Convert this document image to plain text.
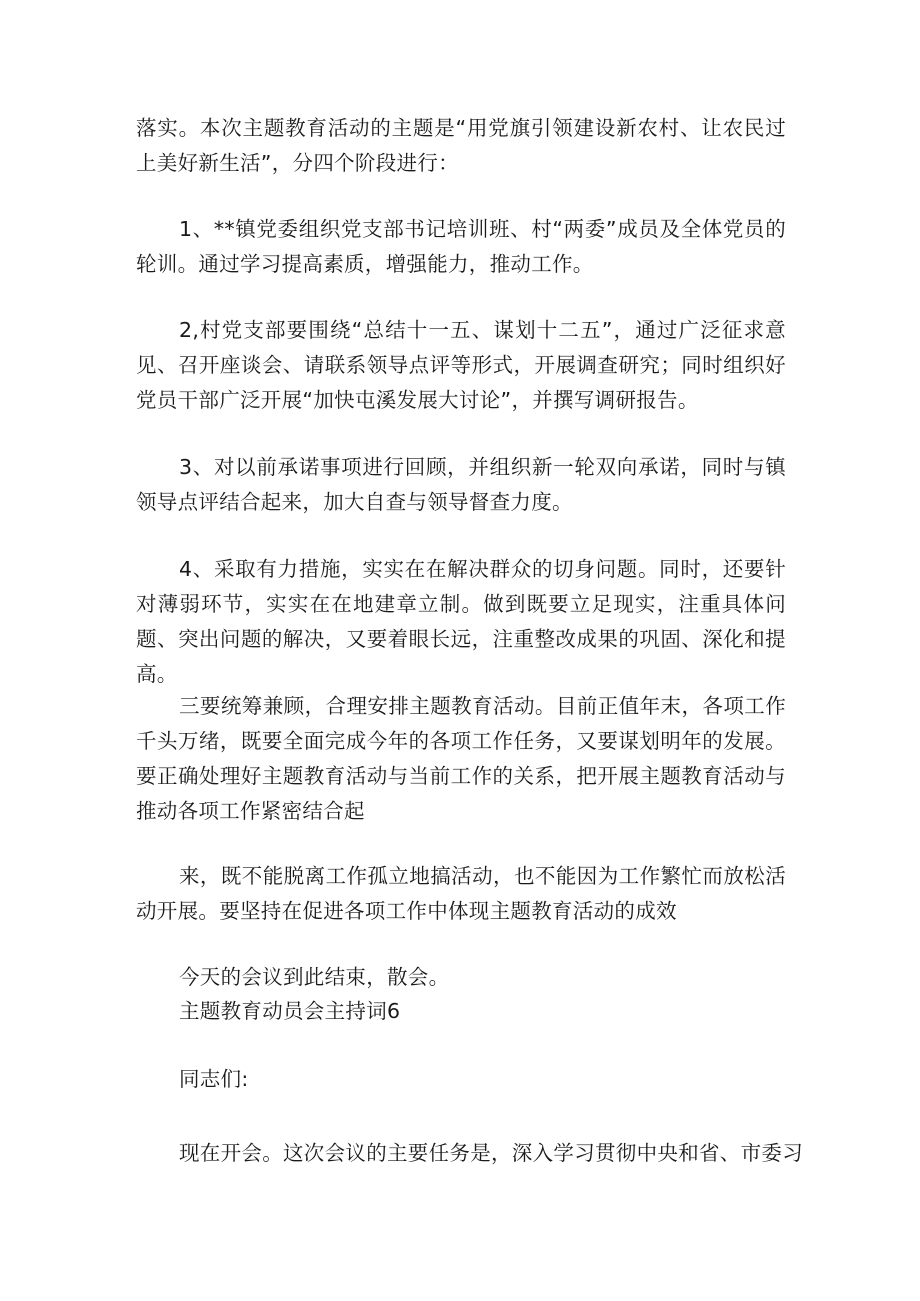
落实。本次主题教育活动的主题是“用党旗引领建设新农村、让农民过上美好新生活”，分四个阶段进行：

1、**镇党委组织党支部书记培训班、村“两委”成员及全体党员的轮训。通过学习提高素质，增强能力，推动工作。

2,村党支部要围绕“总结十一五、谋划十二五”，通过广泛征求意见、召开座谈会、请联系领导点评等形式，开展调查研究；同时组织好党员干部广泛开展“加快屯溪发展大讨论”，并撰写调研报告。

3、对以前承诺事项进行回顾，并组织新一轮双向承诺，同时与镇领导点评结合起来，加大自查与领导督查力度。

4、采取有力措施，实实在在解决群众的切身问题。同时，还要针对薄弱环节，实实在在地建章立制。做到既要立足现实，注重具体问题、突出问题的解决，又要着眼长远，注重整改成果的巩固、深化和提高。

三要统筹兼顾，合理安排主题教育活动。目前正值年末，各项工作千头万绪，既要全面完成今年的各项工作任务，又要谋划明年的发展。要正确处理好主题教育活动与当前工作的关系，把开展主题教育活动与推动各项工作紧密结合起

来，既不能脱离工作孤立地搞活动，也不能因为工作繁忙而放松活动开展。要坚持在促进各项工作中体现主题教育活动的成效

今天的会议到此结束，散会。

主题教育动员会主持词6

同志们:

现在开会。这次会议的主要任务是，深入学习贯彻中央和省、市委习
